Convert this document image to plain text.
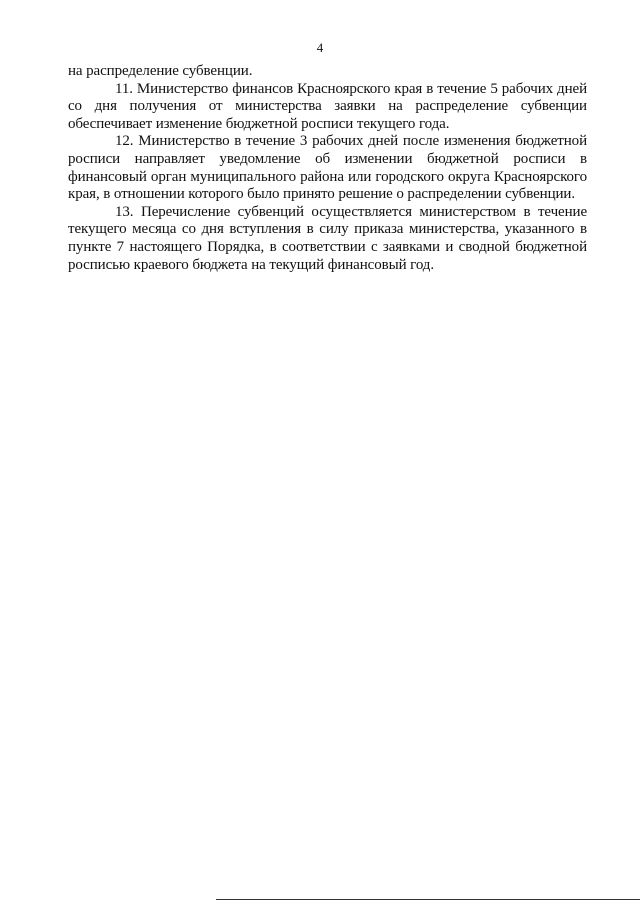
4

на распределение субвенции.

11. Министерство финансов Красноярского края в течение 5 рабочих дней со дня получения от министерства заявки на распределение субвенции обеспечивает изменение бюджетной росписи текущего года.

12. Министерство в течение 3 рабочих дней после изменения бюджетной росписи направляет уведомление об изменении бюджетной росписи в финансовый орган муниципального района или городского округа Красноярского края, в отношении которого было принято решение о распределении субвенции.

13. Перечисление субвенций осуществляется министерством в течение текущего месяца со дня вступления в силу приказа министерства, указанного в пункте 7 настоящего Порядка, в соответствии с заявками и сводной бюджетной росписью краевого бюджета на текущий финансовый год.
